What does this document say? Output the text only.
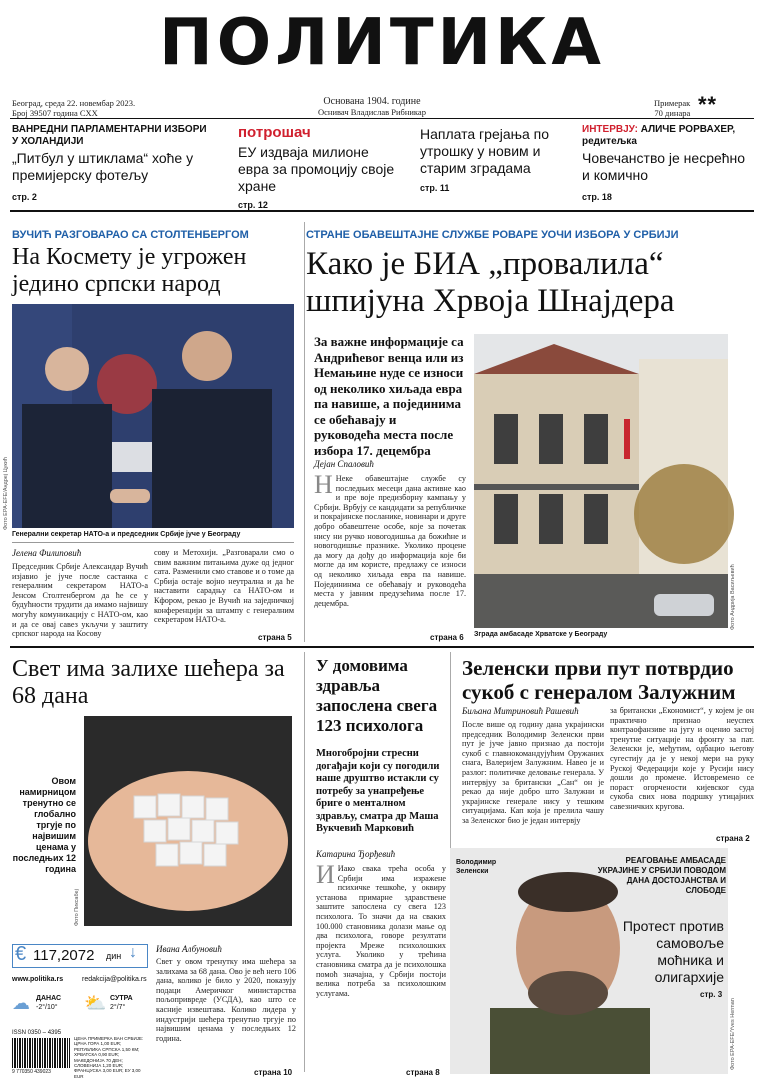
ПОЛИТИКА
Београд, среда 22. новембар 2023.
Број 39507 година CXX
Основана 1904. године
Оснивач Владислав Рибникар
Примерак
70 динара **
ВАНРЕДНИ ПАРЛАМЕНТАРНИ ИЗБОРИ У ХОЛАНДИЈИ
„Питбул у штиклама“ хоће у премијерску фотељу
стр. 2
потрошач
ЕУ издваја милионе евра за промоцију своје хране
стр. 12
Наплата грејања по утрошку у новим и старим зградама
стр. 11
ИНТЕРВЈУ: АЛИЧЕ РОРВАХЕР, редитељка
Човечанство је несрећно и комично
стр. 18
ВУЧИЋ РАЗГОВАРАО СА СТОЛТЕНБЕРГОМ
На Космету је угрожен једино српски народ
Фото EPA-EFE/Андреј Цукић
Генерални секретар НАТО-а и председник Србије јуче у Београду
Јелена Филиповић
Председник Србије Александар Вучић изјавио је јуче после састанка с генералним секретаром НАТО-а Јенсом Столтенбергом да ће се у будућности трудити да имамо највишу могућу комуникацију с НАТО-ом, као и да се овај савез укључи у заштиту српског народа на Косову
сову и Метохији. „Разговарали смо о свим важним питањима дуже од једног сата. Разменили смо ставове и о томе да Србија остаје војно неутрална и да ће наставити сарадњу са НАТО-ом и Кфором, рекао је Вучић на заједничкој конференцији за штампу с генералним секретаром НАТО-а.
страна 5
СТРАНЕ ОБАВЕШТАЈНЕ СЛУЖБЕ РОВАРЕ УОЧИ ИЗБОРА У СРБИЈИ
Како је БИА „провалила“ шпијуна Хрвоја Шнајдера
За важне информације са Андрићевог венца или из Немањине нуде се износи од неколико хиљада евра па навише, а појединима се обећавају и руководећа места после избора 17. децембра
Дејан Спаловић
Н Неке обавештајне службе су последњих месеци дана активне као и пре воје предизборну кампању у Србији. Врбују се кандидати за републичке и покрајинске посланике, новинари и друге добро обавештене особе, које за почетак нису ни ручко новогодишња да божићне и новогодишње празнике. Уколико процене да могу да дођу до информација које би могле да им користе, предлажу се износи од неколико хиљада евра па навише. Поједининма се обећавају и руководећа места у јавним предузећима после 17. децембра.
страна 6
Фото Андрија Васиљевић
Зграда амбасаде Хрватске у Београду
Свет има залихе шећера за 68 дана
Овом намирницом тренутно се глобално тргује по највишим ценама у последњих 12 година
Фото Пиксабеј
€ 117,2072 дин ↓
www.politika.rs	redakcija@politika.rs
☁ ДАНАС
-2°/10°	⛅ СУТРА
2°/7°
ISSN 0350 – 4395
9 770350 439023
ЦЕНА ПРИМЕРКА ВАН СРБИЈЕ: ЦРНА ГОРА 1,00 EUR; РЕПУБЛИКА СРПСКА 1,50 КМ; ХРВАТСКА 0,90 EUR; МАКЕДОНИЈА 70 ДЕН; СЛОВЕНИЈА 1,20 EUR; ФРАНЦУСКА 3,00 EUR; ЕУ 3,00 EUR
Ивана Албуновић
Свет у овом тренутку има шећера за залихама за 68 дана. Ово је већ него 106 дана, колико је било у 2020, показују подаци Америчког министарства пољопривреде (УСДА), као што се касније извештава. Колико лидера у индустрији шећера тренутно тргује по највишим ценама у последњих 12 година.
страна 10
У домовима здравља запослена свега 123 психолога
Многобројни стресни догађаји који су погодили наше друштво истакли су потребу за унапређење бриге о менталном здрављу, сматра др Маша Вукчевић Марковић
Катарина Ђорђевић
И Иако свака трећа особа у Србији има изражене психичке тешкоће, у оквиру установа примарне здравствене заштите запослена су свега 123 психолога. То значи да на сваких 100.000 становника долази мање од два психолога, говоре резултати пројекта Мреже психолошких услуга. Уколико у трећина становника сматра да је психолошка помоћ значајна, у Србији постоји велика потреба за психолошким услугама.
страна 8
Зеленски први пут потврдио сукоб с генералом Залужним
Биљана Митриновић Рашевић
После више од годину дана украјински председник Володимир Зеленски први пут је јуче јавно признао да постоји сукоб с главнокомандујућим Оружаних снага, Валеријем Залужним. Навео је и разлог: политичке деловање генерала. У интервјуу за британски „Сан“ он је рекао да није добро што Залужни и украјинске генерале нису у тешким ситуацијама. Кап која је прелила чашу за Зеленског био је један интервју
за британски „Економист“, у којем је он практично признао неуспех контраофанзиве на југу и оценио застој тренутне ситуације на фронту за пат. Зеленски је, међутим, одбацио његову сугестију да је у некој мери на руку Руској Федерацији које у Русији нису дошли до промене. Истовремено се пораст огорчености кијевског суда сукоба свих нова подршку утицајних савезничких кругова.
страна 2
Володимир Зеленски
РЕАГОВАЊЕ АМБАСАДЕ УКРАЈИНЕ У СРБИЈИ ПОВОДОМ ДАНА ДОСТОЈАНСТВА И СЛОБОДЕ
Протест против самовоље моћника и олигархије
стр. 3
Фото EPA-EFE/Yves Herman
